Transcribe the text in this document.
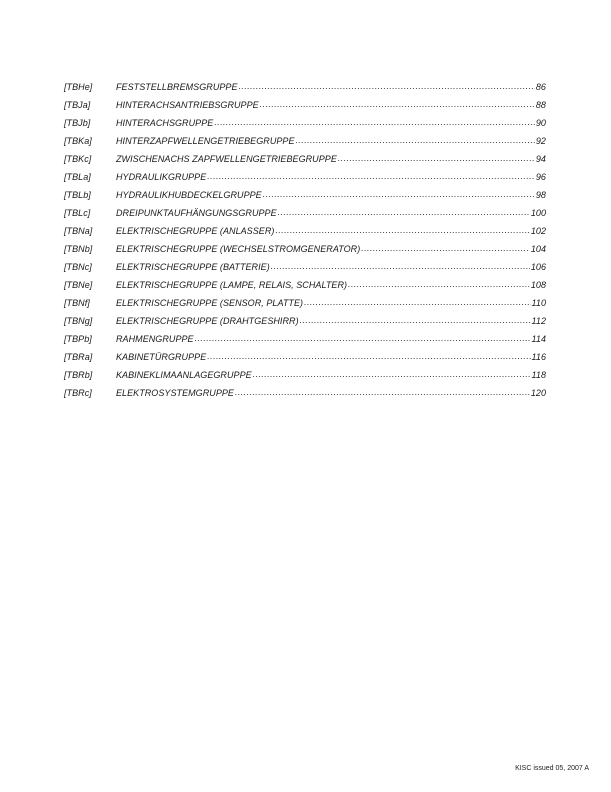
[TBHe]	FESTSTELLBREMSGRUPPE .....	86
[TBJa]	HINTERACHSANTRIEBSGRUPPE .....	88
[TBJb]	HINTERACHSGRUPPE .....	90
[TBKa]	HINTERZAPFWELLENGETRIEBEGRUPPE .....	92
[TBKc]	ZWISCHENACHS ZAPFWELLENGETRIEBEGRUPPE .....	94
[TBLa]	HYDRAULIKGRUPPE .....	96
[TBLb]	HYDRAULIKHUBDECKELGRUPPE .....	98
[TBLc]	DREIPUNKTAUFHÄNGUNGSGRUPPE .....	100
[TBNa]	ELEKTRISCHEGRUPPE (ANLASSER) .....	102
[TBNb]	ELEKTRISCHEGRUPPE (WECHSELSTROMGENERATOR) .....	104
[TBNc]	ELEKTRISCHEGRUPPE (BATTERIE) .....	106
[TBNe]	ELEKTRISCHEGRUPPE (LAMPE, RELAIS, SCHALTER) .....	108
[TBNf]	ELEKTRISCHEGRUPPE (SENSOR, PLATTE) .....	110
[TBNg]	ELEKTRISCHEGRUPPE (DRAHTGESHIRR) .....	112
[TBPb]	RAHMENGRUPPE .....	114
[TBRa]	KABINETÜRGRUPPE .....	116
[TBRb]	KABINEKLIMAANLAGEGRUPPE .....	118
[TBRc]	ELEKTROSYSTEMGRUPPE .....	120
KISC issued 05, 2007 A
